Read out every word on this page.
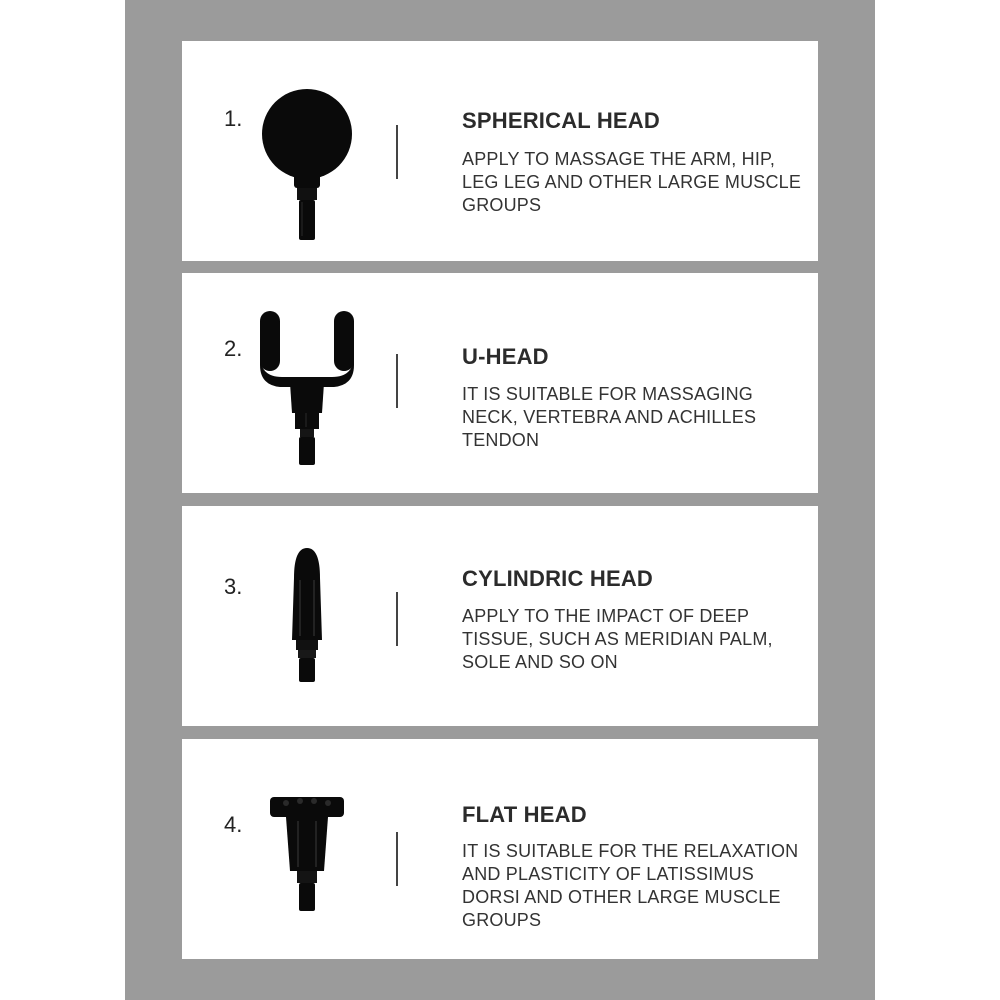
1.	SPHERICAL HEAD
APPLY TO MASSAGE THE ARM, HIP, LEG LEG AND OTHER LARGE MUSCLE GROUPS
2.	U-HEAD
IT IS SUITABLE FOR MASSAGING NECK, VERTEBRA AND ACHILLES TENDON
3.	CYLINDRIC HEAD
APPLY TO THE IMPACT OF DEEP TISSUE, SUCH AS MERIDIAN PALM, SOLE AND SO ON
4.	FLAT HEAD
IT IS SUITABLE FOR THE RELAXATION AND PLASTICITY OF LATISSIMUS DORSI AND OTHER LARGE MUSCLE GROUPS
